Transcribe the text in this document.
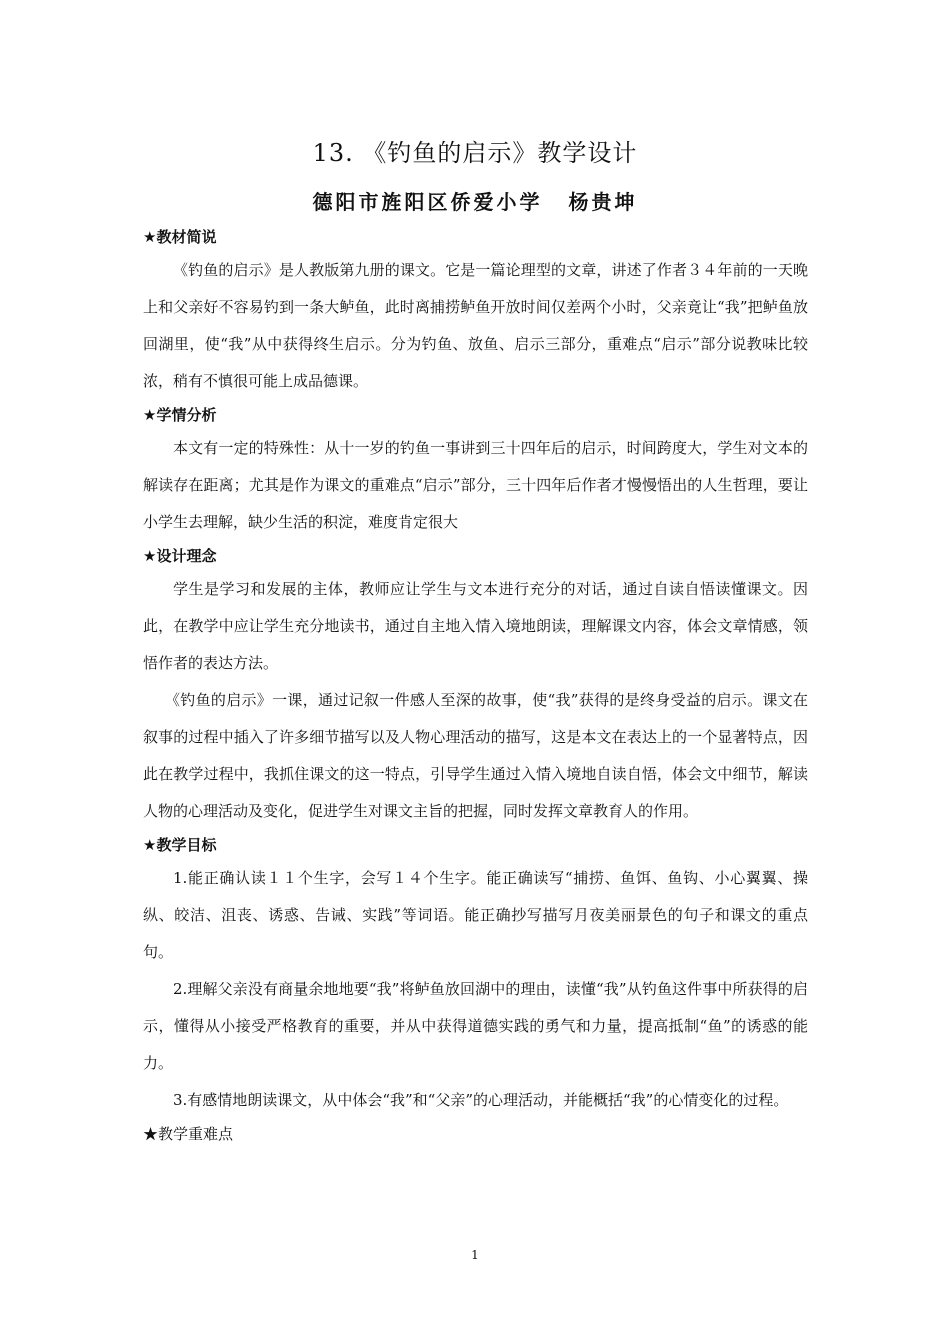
13. 《钓鱼的启示》教学设计
德阳市旌阳区侨爱小学 杨贵坤
★教材简说

《钓鱼的启示》是人教版第九册的课文。它是一篇论理型的文章，讲述了作者３４年前的一天晚上和父亲好不容易钓到一条大鲈鱼，此时离捕捞鲈鱼开放时间仅差两个小时，父亲竟让“我”把鲈鱼放回湖里，使“我”从中获得终生启示。分为钓鱼、放鱼、启示三部分，重难点“启示”部分说教味比较浓，稍有不慎很可能上成品德课。

★学情分析

本文有一定的特殊性：从十一岁的钓鱼一事讲到三十四年后的启示，时间跨度大，学生对文本的解读存在距离；尤其是作为课文的重难点“启示”部分，三十四年后作者才慢慢悟出的人生哲理，要让小学生去理解，缺少生活的积淀，难度肯定很大

★设计理念

学生是学习和发展的主体，教师应让学生与文本进行充分的对话，通过自读自悟读懂课文。因此，在教学中应让学生充分地读书，通过自主地入情入境地朗读，理解课文内容，体会文章情感，领悟作者的表达方法。

《钓鱼的启示》一课，通过记叙一件感人至深的故事，使“我”获得的是终身受益的启示。课文在叙事的过程中插入了许多细节描写以及人物心理活动的描写，这是本文在表达上的一个显著特点，因此在教学过程中，我抓住课文的这一特点，引导学生通过入情入境地自读自悟，体会文中细节，解读人物的心理活动及变化，促进学生对课文主旨的把握，同时发挥文章教育人的作用。

★教学目标

1.能正确认读１１个生字，会写１４个生字。能正确读写“捕捞、鱼饵、鱼钩、小心翼翼、操纵、皎洁、沮丧、诱惑、告诫、实践”等词语。能正确抄写描写月夜美丽景色的句子和课文的重点句。

2.理解父亲没有商量余地地要“我”将鲈鱼放回湖中的理由，读懂“我”从钓鱼这件事中所获得的启示，懂得从小接受严格教育的重要，并从中获得道德实践的勇气和力量，提高抵制“鱼”的诱惑的能力。

3.有感情地朗读课文，从中体会“我”和“父亲”的心理活动，并能概括“我”的心情变化的过程。

★教学重难点
1
